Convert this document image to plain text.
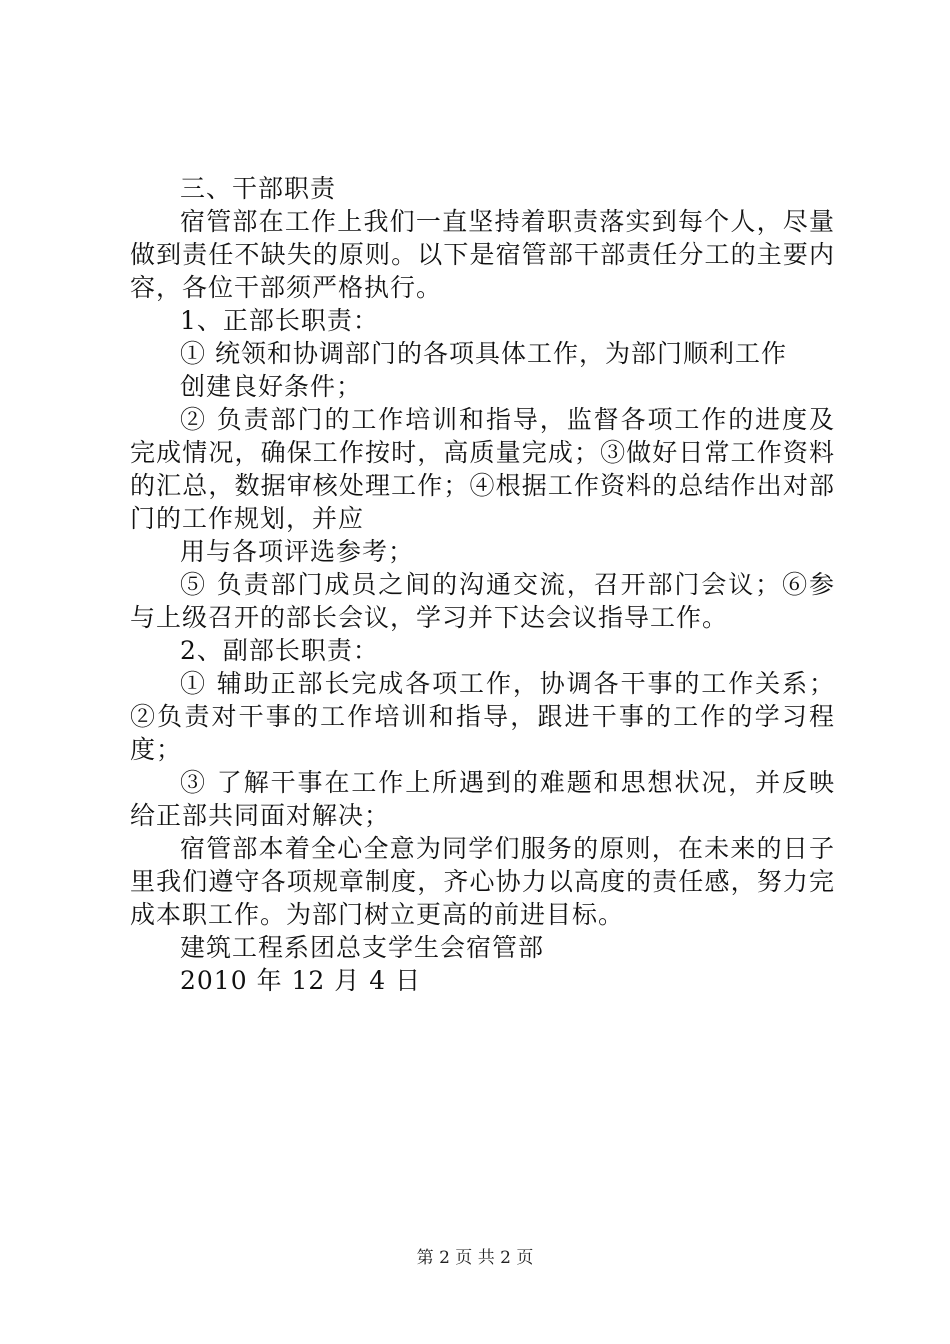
三、干部职责

宿管部在工作上我们一直坚持着职责落实到每个人，尽量做到责任不缺失的原则。以下是宿管部干部责任分工的主要内容，各位干部须严格执行。

1、正部长职责：
① 统领和协调部门的各项具体工作，为部门顺利工作
创建良好条件；

② 负责部门的工作培训和指导，监督各项工作的进度及完成情况，确保工作按时，高质量完成；③做好日常工作资料的汇总，数据审核处理工作；④根据工作资料的总结作出对部门的工作规划，并应

用与各项评选参考；

⑤ 负责部门成员之间的沟通交流，召开部门会议；⑥参与上级召开的部长会议，学习并下达会议指导工作。

2、副部长职责：

① 辅助正部长完成各项工作，协调各干事的工作关系；②负责对干事的工作培训和指导，跟进干事的工作的学习程度；

③ 了解干事在工作上所遇到的难题和思想状况，并反映给正部共同面对解决；

宿管部本着全心全意为同学们服务的原则，在未来的日子里我们遵守各项规章制度，齐心协力以高度的责任感，努力完成本职工作。为部门树立更高的前进目标。

建筑工程系团总支学生会宿管部
2010 年 12 月 4 日
第 2 页 共 2 页
